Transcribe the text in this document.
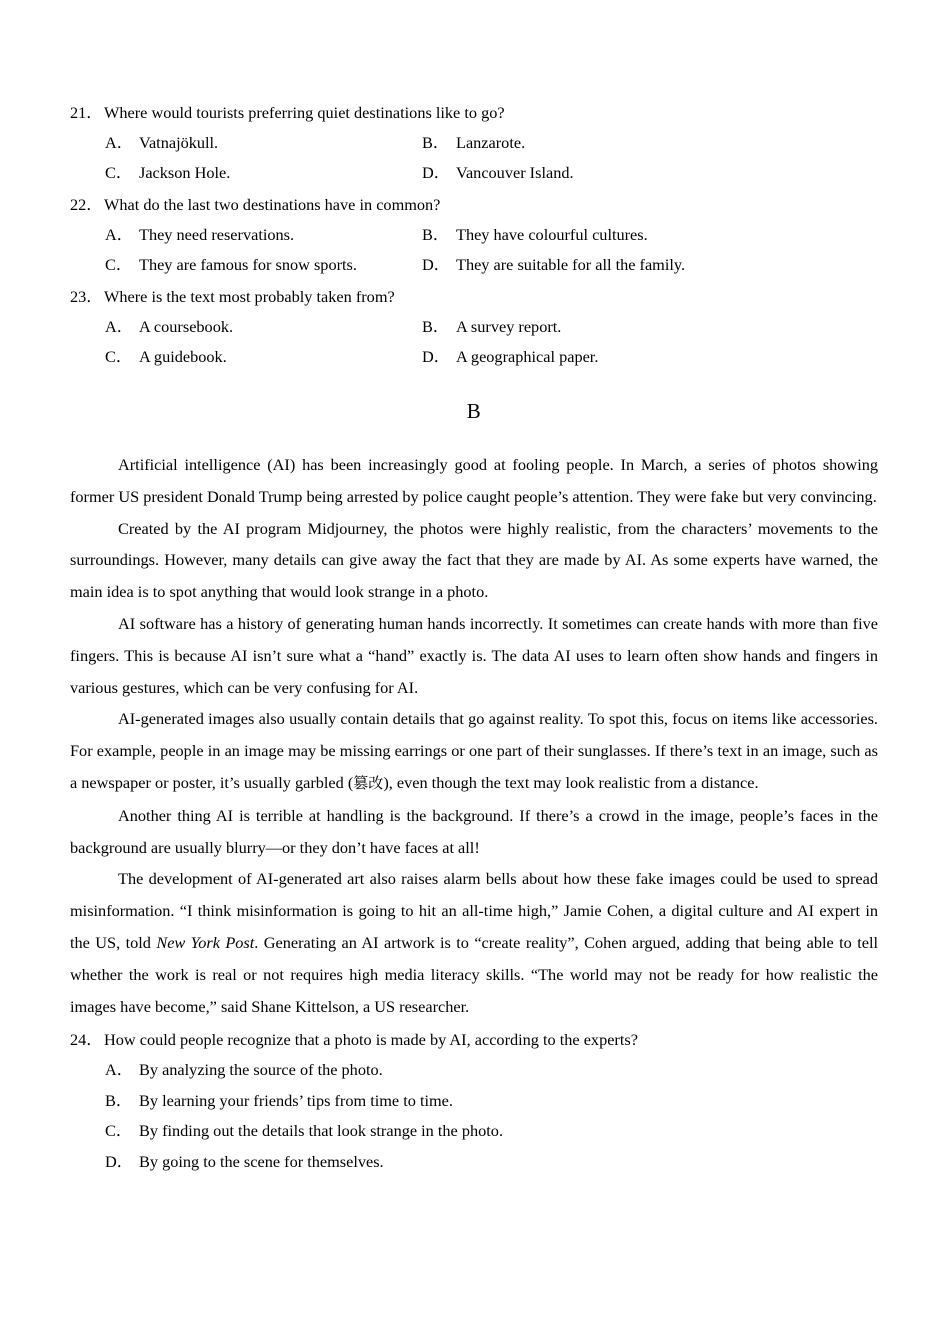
21． Where would tourists preferring quiet destinations like to go?
A． Vatnajökull.	B． Lanzarote.
C． Jackson Hole.	D． Vancouver Island.
22． What do the last two destinations have in common?
A． They need reservations.	B． They have colourful cultures.
C． They are famous for snow sports.	D． They are suitable for all the family.
23． Where is the text most probably taken from?
A． A coursebook.	B． A survey report.
C． A guidebook.	D． A geographical paper.
B

Artificial intelligence (AI) has been increasingly good at fooling people. In March, a series of photos showing former US president Donald Trump being arrested by police caught people’s attention. They were fake but very convincing.

Created by the AI program Midjourney, the photos were highly realistic, from the characters’ movements to the surroundings. However, many details can give away the fact that they are made by AI. As some experts have warned, the main idea is to spot anything that would look strange in a photo.

AI software has a history of generating human hands incorrectly. It sometimes can create hands with more than five fingers. This is because AI isn’t sure what a “hand” exactly is. The data AI uses to learn often show hands and fingers in various gestures, which can be very confusing for AI.

AI-generated images also usually contain details that go against reality. To spot this, focus on items like accessories. For example, people in an image may be missing earrings or one part of their sunglasses. If there’s text in an image, such as a newspaper or poster, it’s usually garbled (篡改), even though the text may look realistic from a distance.

Another thing AI is terrible at handling is the background. If there’s a crowd in the image, people’s faces in the background are usually blurry—or they don’t have faces at all!

The development of AI-generated art also raises alarm bells about how these fake images could be used to spread misinformation. “I think misinformation is going to hit an all-time high,” Jamie Cohen, a digital culture and AI expert in the US, told New York Post. Generating an AI artwork is to “create reality”, Cohen argued, adding that being able to tell whether the work is real or not requires high media literacy skills. “The world may not be ready for how realistic the images have become,” said Shane Kittelson, a US researcher.

24． How could people recognize that a photo is made by AI, according to the experts?
A． By analyzing the source of the photo.
B． By learning your friends’ tips from time to time.
C． By finding out the details that look strange in the photo.
D． By going to the scene for themselves.
